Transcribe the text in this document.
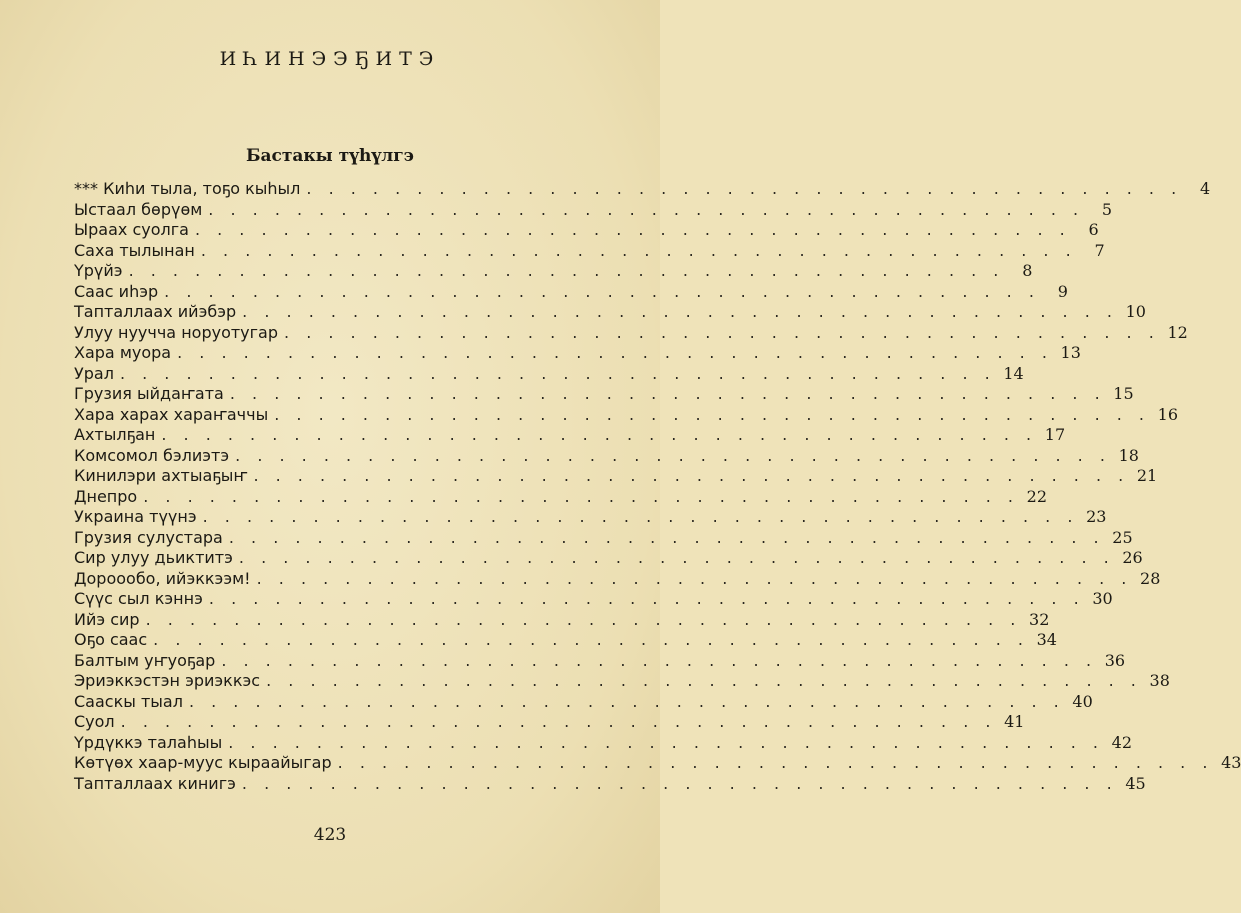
ИҺИНЭЭҔИТЭ
Бастакы түһүлгэ
*** Киһи тыла, тоҕо кыһыл . . . . . . . . . . . . . . . . . . . . . . . . . . . . . . . . . . . . . . . .	4
Ыстаал бөрүөм . . . . . . . . . . . . . . . . . . . . . . . . . . . . . . . . . . . . . . . .	5
Ыраах суолга . . . . . . . . . . . . . . . . . . . . . . . . . . . . . . . . . . . . . . . .	6
Саха тылынан . . . . . . . . . . . . . . . . . . . . . . . . . . . . . . . . . . . . . . . .	7
Үрүйэ . . . . . . . . . . . . . . . . . . . . . . . . . . . . . . . . . . . . . . . .	8
Саас иһэр . . . . . . . . . . . . . . . . . . . . . . . . . . . . . . . . . . . . . . . .	9
Тапталлаах ийэбэр . . . . . . . . . . . . . . . . . . . . . . . . . . . . . . . . . . . . . . . . 10
Улуу нууччa норуотугар . . . . . . . . . . . . . . . . . . . . . . . . . . . . . . . . . . . . . . . . 12
Хара муора . . . . . . . . . . . . . . . . . . . . . . . . . . . . . . . . . . . . . . . . 13
Урал . . . . . . . . . . . . . . . . . . . . . . . . . . . . . . . . . . . . . . . . 14
Грузия ыйдаҥата . . . . . . . . . . . . . . . . . . . . . . . . . . . . . . . . . . . . . . . . 15
Хара харах хараҥаччы . . . . . . . . . . . . . . . . . . . . . . . . . . . . . . . . . . . . . . . . 16
Ахтылҕан . . . . . . . . . . . . . . . . . . . . . . . . . . . . . . . . . . . . . . . . 17
Комсомол бэлиэтэ . . . . . . . . . . . . . . . . . . . . . . . . . . . . . . . . . . . . . . . . 18
Кинилэри ахтыаҕыҥ . . . . . . . . . . . . . . . . . . . . . . . . . . . . . . . . . . . . . . . . 21
Днепро . . . . . . . . . . . . . . . . . . . . . . . . . . . . . . . . . . . . . . . . 22
Украина түүнэ . . . . . . . . . . . . . . . . . . . . . . . . . . . . . . . . . . . . . . . . 23
Грузия сулустара . . . . . . . . . . . . . . . . . . . . . . . . . . . . . . . . . . . . . . . . 25
Сир улуу дьиктитэ . . . . . . . . . . . . . . . . . . . . . . . . . . . . . . . . . . . . . . . . 26
Дороообо, ийэккээм! . . . . . . . . . . . . . . . . . . . . . . . . . . . . . . . . . . . . . . . . 28
Сүүс сыл кэннэ . . . . . . . . . . . . . . . . . . . . . . . . . . . . . . . . . . . . . . . . 30
Ийэ сир . . . . . . . . . . . . . . . . . . . . . . . . . . . . . . . . . . . . . . . . 32
Оҕо саас . . . . . . . . . . . . . . . . . . . . . . . . . . . . . . . . . . . . . . . . 34
Балтым уҥуоҕар . . . . . . . . . . . . . . . . . . . . . . . . . . . . . . . . . . . . . . . . 36
Эриэккэстэн эриэккэс . . . . . . . . . . . . . . . . . . . . . . . . . . . . . . . . . . . . . . . . 38
Сааскы тыал . . . . . . . . . . . . . . . . . . . . . . . . . . . . . . . . . . . . . . . . 40
Суол . . . . . . . . . . . . . . . . . . . . . . . . . . . . . . . . . . . . . . . . 41
Үрдүккэ талаһыы . . . . . . . . . . . . . . . . . . . . . . . . . . . . . . . . . . . . . . . . 42
Көтүөх хаар-муус кыраайыгар . . . . . . . . . . . . . . . . . . . . . . . . . . . . . . . . . . . . . . . . 43
Тапталлаах кинигэ . . . . . . . . . . . . . . . . . . . . . . . . . . . . . . . . . . . . . . . . 45
423
